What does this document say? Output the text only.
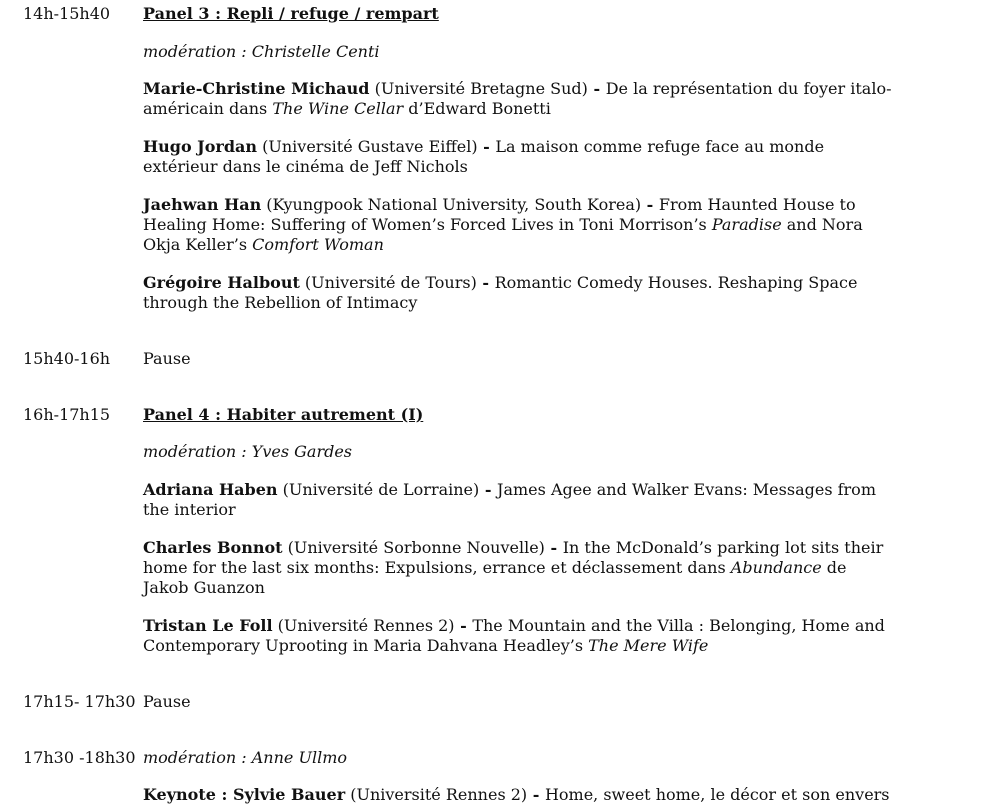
14h-15h40 Panel 3 : Repli / refuge / rempart
modération : Christelle Centi
Marie-Christine Michaud (Université Bretagne Sud) - De la représentation du foyer italo-américain dans The Wine Cellar d’Edward Bonetti
Hugo Jordan (Université Gustave Eiffel) - La maison comme refuge face au monde extérieur dans le cinéma de Jeff Nichols
Jaehwan Han (Kyungpook National University, South Korea) - From Haunted House to Healing Home: Suffering of Women’s Forced Lives in Toni Morrison’s Paradise and Nora Okja Keller’s Comfort Woman
Grégoire Halbout (Université de Tours) - Romantic Comedy Houses. Reshaping Space through the Rebellion of Intimacy
15h40-16h Pause
16h-17h15 Panel 4 : Habiter autrement (I)
modération : Yves Gardes
Adriana Haben (Université de Lorraine) - James Agee and Walker Evans: Messages from the interior
Charles Bonnot (Université Sorbonne Nouvelle) - In the McDonald’s parking lot sits their home for the last six months: Expulsions, errance et déclassement dans Abundance de Jakob Guanzon
Tristan Le Foll (Université Rennes 2) - The Mountain and the Villa : Belonging, Home and Contemporary Uprooting in Maria Dahvana Headley’s The Mere Wife
17h15- 17h30 Pause
17h30 -18h30 modération : Anne Ullmo
Keynote : Sylvie Bauer (Université Rennes 2) - Home, sweet home, le décor et son envers
